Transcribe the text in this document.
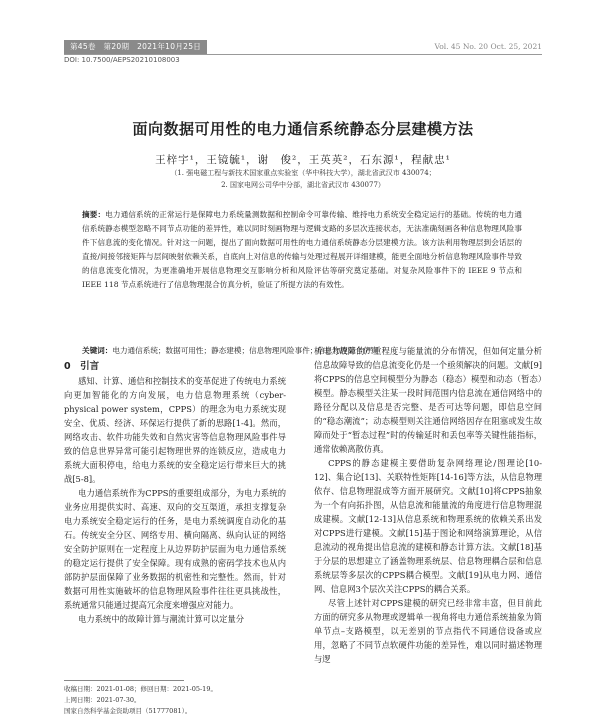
第45卷　第20期　2021年10月25日	Vol. 45 No. 20 Oct. 25, 2021
DOI: 10.7500/AEPS20210108003
面向数据可用性的电力通信系统静态分层建模方法
王梓宇¹，王镜毓¹，谢　俊²，王英英²，石东源¹，程献忠¹
（1. 强电磁工程与新技术国家重点实验室（华中科技大学），湖北省武汉市 430074；
2. 国家电网公司华中分部，湖北省武汉市 430077）
摘要：电力通信系统的正常运行是保障电力系统量测数据和控制命令可靠传输、维持电力系统安全稳定运行的基础。传统的电力通信系统静态模型忽略不同节点功能的差异性，难以同时刻画物理与逻辑支路的多层次连接状态，无法准确刻画各种信息物理风险事件下信息流的变化情况。针对这一问题，提出了面向数据可用性的电力通信系统静态分层建模方法。该方法利用物理层到会话层的直接/间接邻接矩阵与层间映射依赖关系，自底向上对信息的传输与处理过程展开详细建模，能更全面地分析信息物理风险事件导致的信息流变化情况，为更准确地开展信息物理交互影响分析和风险评估等研究奠定基础。对复杂风险事件下的 IEEE 9 节点和 IEEE 118 节点系统进行了信息物理混合仿真分析，验证了所提方法的有效性。
关键词：电力通信系统；数据可用性；静态建模；信息物理风险事件；信息物理混合仿真

0　引言

感知、计算、通信和控制技术的变革促进了传统电力系统向更加智能化的方向发展，电力信息物理系统（cyber-physical power system，CPPS）的理念为电力系统实现安全、优质、经济、环保运行提供了新的思路[1-4]。然而，网络攻击、软件功能失效和自然灾害等信息物理风险事件导致的信息世界异常可能引起物理世界的连锁反应，造成电力系统大面积停电，给电力系统的安全稳定运行带来巨大的挑战[5-8]。

电力通信系统作为CPPS的重要组成部分，为电力系统的业务应用提供实时、高速、双向的交互渠道，承担支撑复杂电力系统安全稳定运行的任务，是电力系统调度自动化的基石。传统安全分区、网络专用、横向隔离、纵向认证的网络安全防护原则在一定程度上从边界防护层面为电力通信系统的稳定运行提供了安全保障。现有成熟的密码学技术也从内部防护层面保障了业务数据的机密性和完整性。然而，针对数据可用性实施破坏的信息物理风险事件往往更具挑战性，系统通常只能通过提高冗余度来增强应对能力。

电力系统中的故障计算与潮流计算可以定量分

析电力故障的严重程度与能量流的分布情况，但如何定量分析信息故障导致的信息流变化仍是一个亟须解决的问题。文献[9]将CPPS的信息空间模型分为静态（稳态）模型和动态（暂态）模型。静态模型关注某一段时间范围内信息流在通信网络中的路径分配以及信息是否完整、是否可达等问题，即信息空间的“稳态潮流”；动态模型则关注通信网络因存在阻塞或发生故障而处于“暂态过程”时的传输延时和丢包率等关键性能指标，通常依赖离散仿真。

CPPS的静态建模主要借助复杂网络理论/图理论[10-12]、集合论[13]、关联特性矩阵[14-16]等方法，从信息物理依存、信息物理混成等方面开展研究。文献[10]将CPPS抽象为一个有向拓扑图，从信息流和能量流的角度进行信息物理混成建模。文献[12-13]从信息系统和物理系统的依赖关系出发对CPPS进行建模。文献[15]基于图论和网络演算理论，从信息流动的视角提出信息流的建模和静态计算方法。文献[18]基于分层的思想建立了涵盖物理系统层、信息物理耦合层和信息系统层等多层次的CPPS耦合模型。文献[19]从电力网、通信网、信息网3个层次关注CPPS的耦合关系。

尽管上述针对CPPS建模的研究已经非常丰富，但目前此方面的研究多从物理或逻辑单一视角将电力通信系统抽象为简单节点–支路模型，以无差别的节点指代不同通信设备或应用，忽略了不同节点软硬件功能的差异性，难以同时描述物理与逻

收稿日期：2021-01-08；修回日期：2021-05-19。
上网日期：2021-07-30。
国家自然科学基金资助项目（51777081）。
